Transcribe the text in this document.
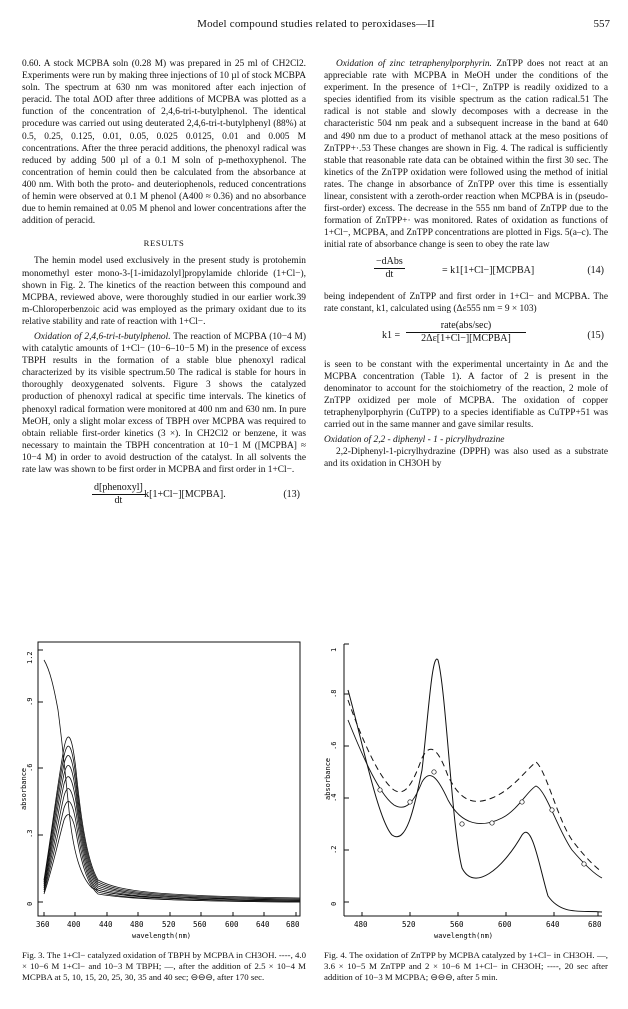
Model compound studies related to peroxidases—II	557

0.60. A stock MCPBA soln (0.28 M) was prepared in 25 ml of CH2Cl2. Experiments were run by making three injections of 10 µl of stock MCBPA soln. The spectrum at 630 nm was monitored after each injection of peracid. The total ΔOD after three additions of MCPBA was plotted as a function of the concentration of 2,4,6-tri-t-butylphenol. The identical procedure was carried out using deuterated 2,4,6-tri-t-butylphenyl (88%) at 0.5, 0.25, 0.125, 0.01, 0.05, 0.025 0.0125, 0.01 and 0.005 M concentrations. After the three peracid additions, the phenoxyl radical was reduced by adding 500 µl of a 0.1 M soln of p-methoxyphenol. The concentration of hemin could then be calculated from the absorbance at 400 nm. With both the proto- and deuteriophenols, reduced concentrations of hemin were observed at 0.1 M phenol (A400 ≈ 0.36) and no absorbance due to hemin remained at 0.05 M phenol and lower concentrations after the addition of peracid.

RESULTS

The hemin model used exclusively in the present study is protohemin monomethyl ester mono-3-[1-imidazolyl]propylamide chloride (1+Cl−), shown in Fig. 2. The kinetics of the reaction between this compound and MCPBA, reviewed above, were thoroughly studied in our earlier work.39 m-Chloroperbenzoic acid was employed as the primary oxidant due to its relative stability and rate of reaction with 1+Cl−.

Oxidation of 2,4,6-tri-t-butylphenol. The reaction of MCPBA (10−4 M) with catalytic amounts of 1+Cl− (10−6–10−5 M) in the presence of excess TBPH results in the formation of a stable blue phenoxyl radical characterized by its visible spectrum.50 The radical is stable for hours in thoroughly deoxygenated solvents. Figure 3 shows the catalyzed production of phenoxyl radical at specific time intervals. The kinetics of phenoxyl radical formation were monitored at 400 nm and 630 nm. In pure MeOH, only a slight molar excess of TBPH over MCPBA was required to obtain reliable first-order kinetics (3 ×). In CH2Cl2 or benzene, it was necessary to maintain the TBPH concentration at 10−1 M ([MCPBA] ≈ 10−4 M) in order to avoid destruction of the catalyst. In all solvents the rate law was shown to be first order in MCPBA and first order in 1+Cl−.

d[phenoxyl]
dt
= k[1+Cl−][MCPBA].	(13)

Oxidation of zinc tetraphenylporphyrin. ZnTPP does not react at an appreciable rate with MCPBA in MeOH under the conditions of the experiment. In the presence of 1+Cl−, ZnTPP is readily oxidized to a species identified from its visible spectrum as the cation radical.51 The radical is not stable and slowly decomposes with a decrease in the characteristic 504 nm peak and a subsequent increase in the band at 640 and 490 nm due to a product of methanol attack at the meso positions of ZnTPP+·.53 These changes are shown in Fig. 4. The radical is sufficiently stable that reasonable rate data can be obtained within the first 30 sec. The kinetics of the ZnTPP oxidation were followed using the method of initial rates. The change in absorbance of ZnTPP over this time is essentially linear, consistent with a zeroth-order reaction when MCPBA is in (pseudo-first-order) excess. The decrease in the 555 nm band of ZnTPP due to the formation of ZnTPP+· was monitored. Rates of oxidation as functions of 1+Cl−, MCPBA, and ZnTPP concentrations are plotted in Figs. 5(a–c). The initial rate of absorbance change is seen to obey the rate law

−dAbs
dt	= k1[1+Cl−][MCPBA]	(14)

being independent of ZnTPP and first order in 1+Cl− and MCPBA. The rate constant, k1, calculated using (Δε555 nm = 9 × 103)

k1 =
rate(abs/sec)
2Δε[1+Cl−][MCPBA]	(15)

is seen to be constant with the experimental uncertainty in Δε and the MCPBA concentration (Table 1). A factor of 2 is present in the denominator to account for the stoichiometry of the reaction, 2 mole of ZnTPP oxidized per mole of MCPBA. The oxidation of copper tetraphenylporphyrin (CuTPP) to a species identifiable as CuTPP+51 was carried out in the same manner and gave similar results.

Oxidation of 2,2 - diphenyl - 1 - picrylhydrazine
2,2-Diphenyl-1-picrylhydrazine (DPPH) was also used as a substrate and its oxidation in CH3OH by

0
.3
.6
.9
1.2
absorbance
360 400 440 480 520 560 600 640 680
wavelength(nm)
Fig. 3. The 1+Cl− catalyzed oxidation of TBPH by MCPBA in CH3OH. ----, 4.0 × 10−6 M 1+Cl− and 10−3 M TBPH; —, after the addition of 2.5 × 10−4 M MCPBA at 5, 10, 15, 20, 25, 30, 35 and 40 sec; ⊖⊖⊖, after 170 sec.
0
.2
.4
.6
.8
1
absorbance
480	520	560	600	640	680
wavelength(nm)
Fig. 4. The oxidation of ZnTPP by MCPBA catalyzed by 1+Cl− in CH3OH. —, 3.6 × 10−5 M ZnTPP and 2 × 10−6 M 1+Cl− in CH3OH; ----, 20 sec after addition of 10−3 M MCPBA; ⊖⊖⊖, after 5 min.
